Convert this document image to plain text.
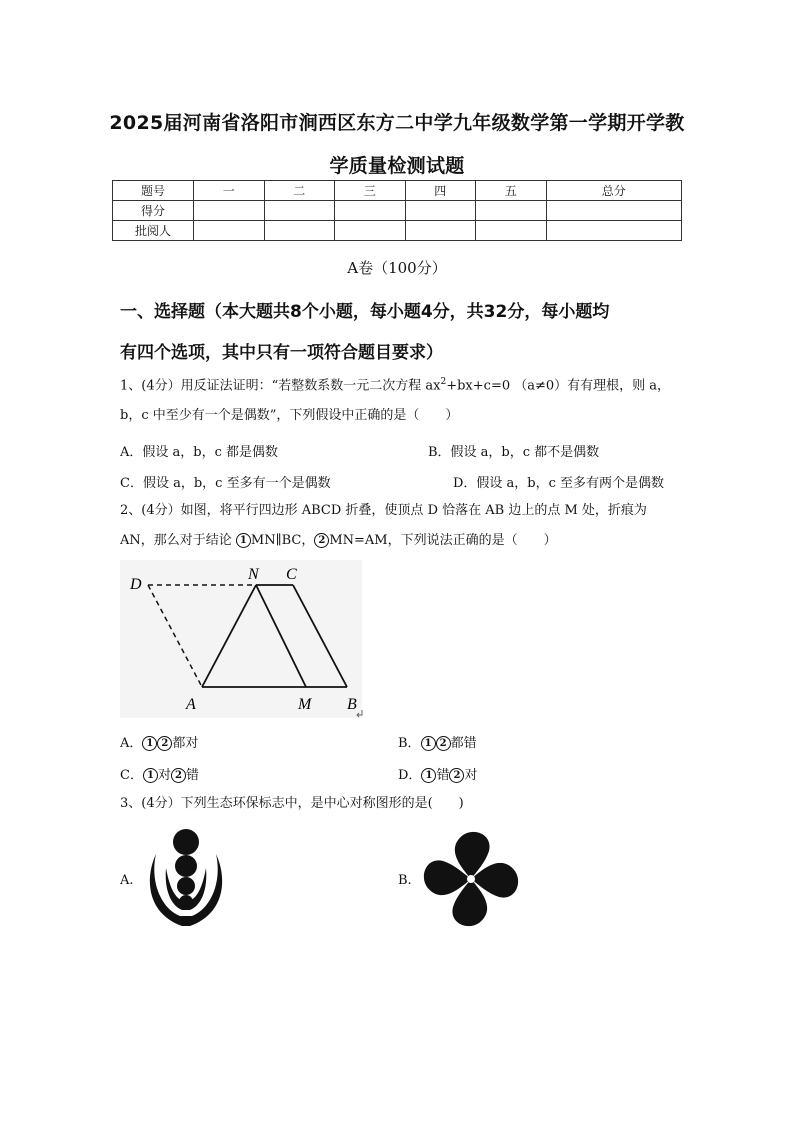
2025届河南省洛阳市涧西区东方二中学九年级数学第一学期开学教
学质量检测试题
题号	一	二	三	四	五	总分
得分						
批阅人						
A卷（100分）
一、选择题（本大题共8个小题，每小题4分，共32分，每小题均
有四个选项，其中只有一项符合题目要求）
1、(4分）用反证法证明：“若整数系数一元二次方程 $ax^2+bx+c=0$ （a≠0）有有理根，则 a，
b，c 中至少有一个是偶数”，下列假设中正确的是（　　）
A．假设 a，b，c 都是偶数	B．假设 a，b，c 都不是偶数
C．假设 a，b，c 至多有一个是偶数	D．假设 a，b，c 至多有两个是偶数
2、(4分）如图，将平行四边形 ABCD 折叠，使顶点 D 恰落在 AB 边上的点 M 处，折痕为
AN，那么对于结论 1 MN∥BC， 2 MN=AM，下列说法正确的是（　　）
D
N C
A	M B
A． 1 2 都对	B． 1 2 都错
C． 1 对 2 错	D． 1 错 2 对
3、(4分）下列生态环保标志中，是中心对称图形的是(　　)
A.	B.
